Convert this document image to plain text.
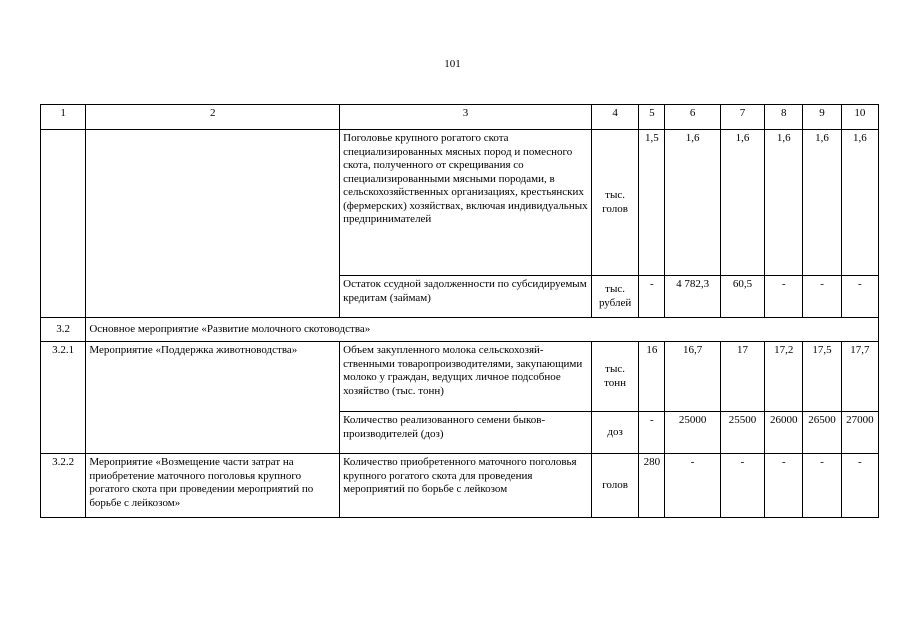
101
1	2	3	4	5	6	7	8	9	10
		Поголовье крупного рогатого скота специализированных мясных пород и помесного скота, полученного от скрещивания со специализированными мясными породами, в сельскохозяйственных организациях, крестьянских (фермерских) хозяйствах, включая индивидуальных предпринимателей	тыс. голов	1,5	1,6	1,6	1,6	1,6	1,6
		Остаток ссудной задолженности по субсидируемым кредитам (займам)	тыс. рублей	-	4 782,3	60,5	-	-	-
3.2	Основное мероприятие «Развитие молочного скотоводства»								
3.2.1	Мероприятие «Поддержка животноводства»	Объем закупленного молока сельскохозяй-ственными товаропроизводителями, закупающими молоко у граждан, ведущих личное подсобное хозяйство (тыс. тонн)	тыс. тонн	16	16,7	17	17,2	17,5	17,7
		Количество реализованного семени быков-производителей (доз)	доз	-	25000	25500	26000	26500	27000
3.2.2	Мероприятие «Возмещение части затрат на приобретение маточного поголовья крупного рогатого скота при проведении мероприятий по борьбе с лейкозом»	Количество приобретенного маточного поголовья крупного рогатого скота для проведения мероприятий по борьбе с лейкозом	голов	280	-	-	-	-	-
